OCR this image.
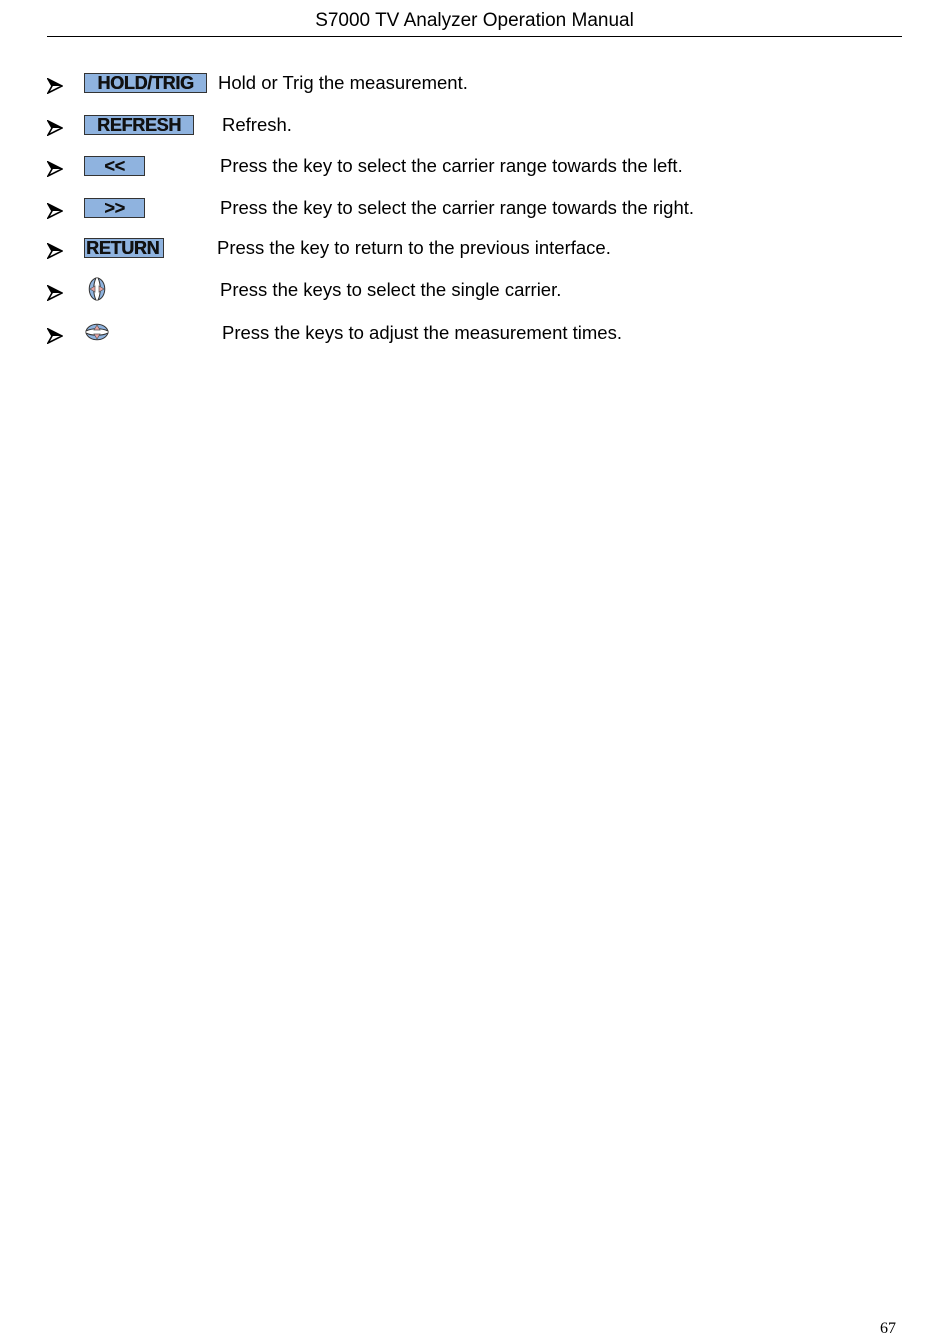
S7000 TV Analyzer Operation Manual
HOLD/TRIG	Hold or Trig the measurement.
REFRESH	Refresh.
<<	Press the key to select the carrier range towards the left.
>>	Press the key to select the carrier range towards the right.
RETURN	Press the key to return to the previous interface.
Press the keys to select the single carrier.
Press the keys to adjust the measurement times.
67
